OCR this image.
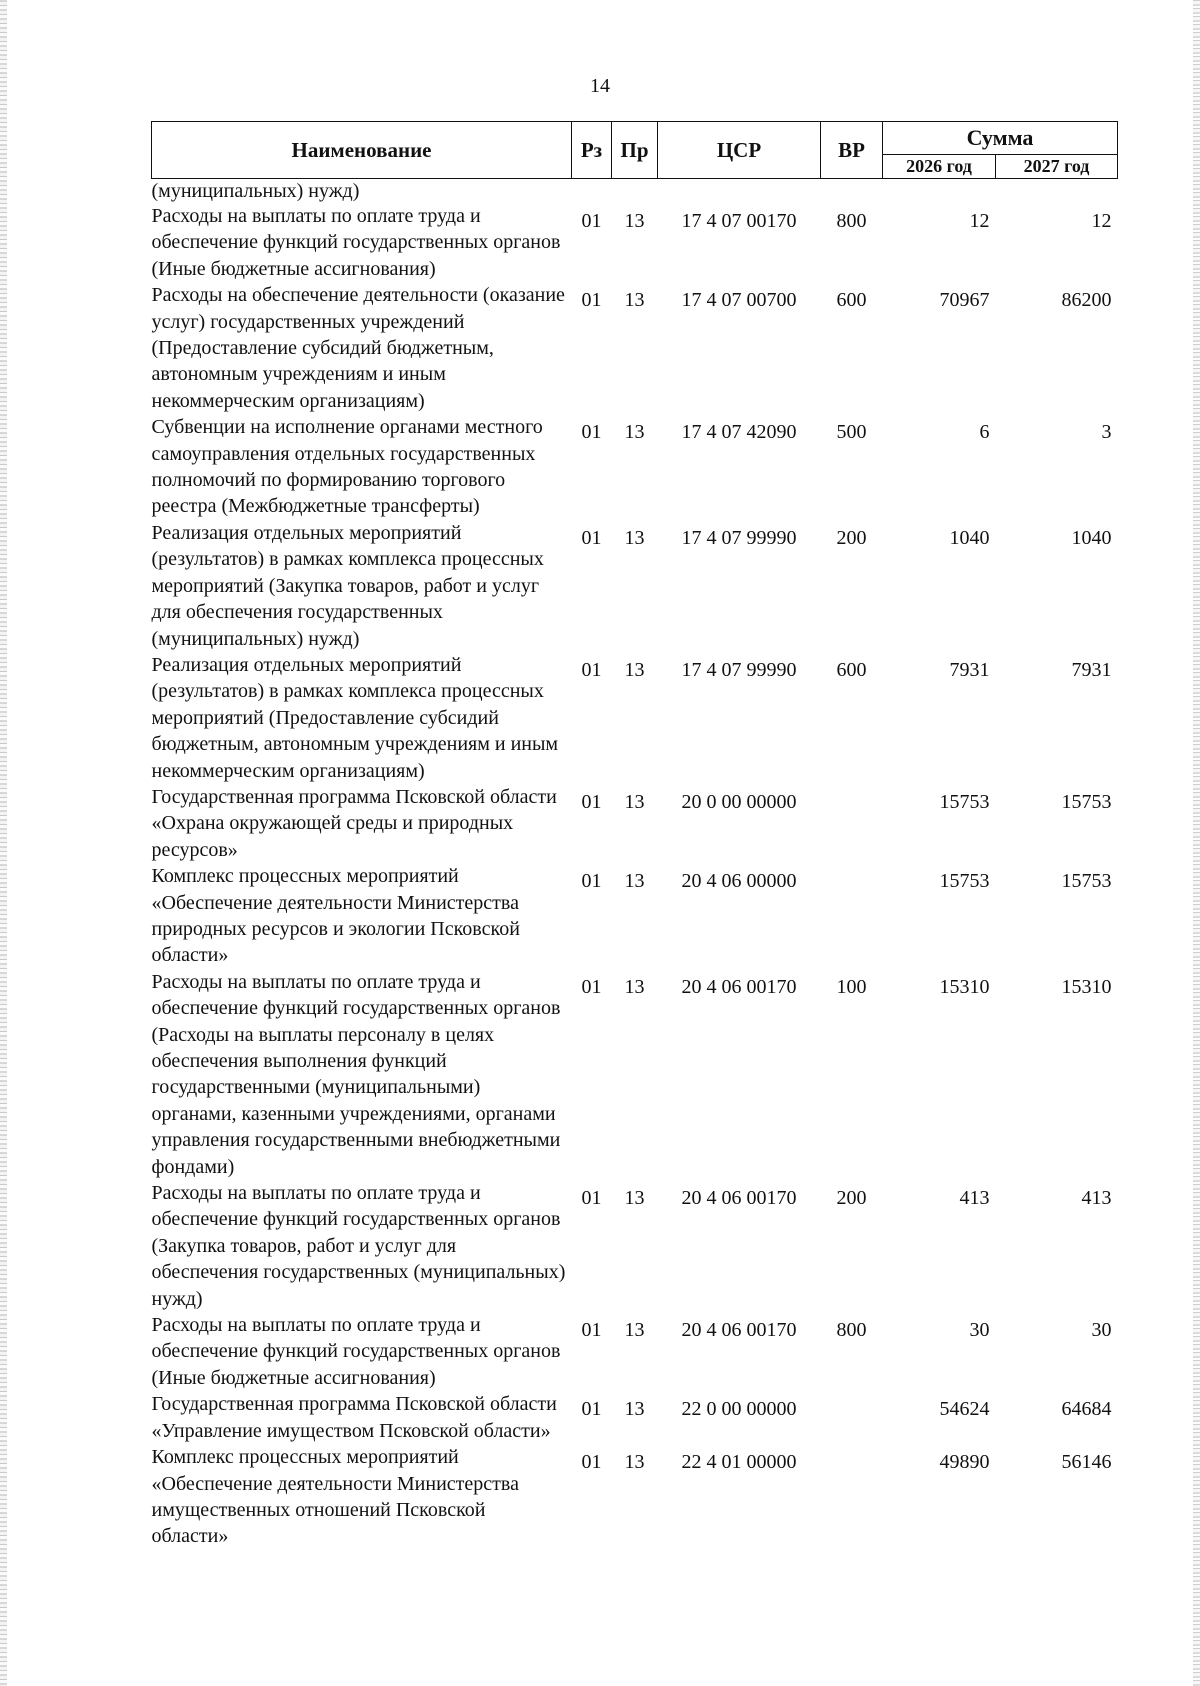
14
Наименование	Рз	Пр	ЦСР	ВР	Сумма	
					2026 год	2027 год
(муниципальных) нужд)						
Расходы на выплаты по оплате труда и обеспечение функций государственных органов (Иные бюджетные ассигнования)	01	13	17 4 07 00170	800	12	12
Расходы на обеспечение деятельности (оказание услуг) государственных учреждений (Предоставление субсидий бюджетным, автономным учреждениям и иным некоммерческим организациям)	01	13	17 4 07 00700	600	70967	86200
Субвенции на исполнение органами местного самоуправления отдельных государственных полномочий по формированию торгового реестра (Межбюджетные трансферты)	01	13	17 4 07 42090	500	6	3
Реализация отдельных мероприятий (результатов) в рамках комплекса процессных мероприятий (Закупка товаров, работ и услуг для обеспечения государственных (муниципальных) нужд)	01	13	17 4 07 99990	200	1040	1040
Реализация отдельных мероприятий (результатов) в рамках комплекса процессных мероприятий (Предоставление субсидий бюджетным, автономным учреждениям и иным некоммерческим организациям)	01	13	17 4 07 99990	600	7931	7931
Государственная программа Псковской области «Охрана окружающей среды и природных ресурсов»	01	13	20 0 00 00000		15753	15753
Комплекс процессных мероприятий «Обеспечение деятельности Министерства природных ресурсов и экологии Псковской области»	01	13	20 4 06 00000		15753	15753
Расходы на выплаты по оплате труда и обеспечение функций государственных органов (Расходы на выплаты персоналу в целях обеспечения выполнения функций государственными (муниципальными) органами, казенными учреждениями, органами управления государственными внебюджетными фондами)	01	13	20 4 06 00170	100	15310	15310
Расходы на выплаты по оплате труда и обеспечение функций государственных органов (Закупка товаров, работ и услуг для обеспечения государственных (муниципальных) нужд)	01	13	20 4 06 00170	200	413	413
Расходы на выплаты по оплате труда и обеспечение функций государственных органов (Иные бюджетные ассигнования)	01	13	20 4 06 00170	800	30	30
Государственная программа Псковской области «Управление имуществом Псковской области»	01	13	22 0 00 00000		54624	64684
Комплекс процессных мероприятий «Обеспечение деятельности Министерства имущественных отношений Псковской области»	01	13	22 4 01 00000		49890	56146
